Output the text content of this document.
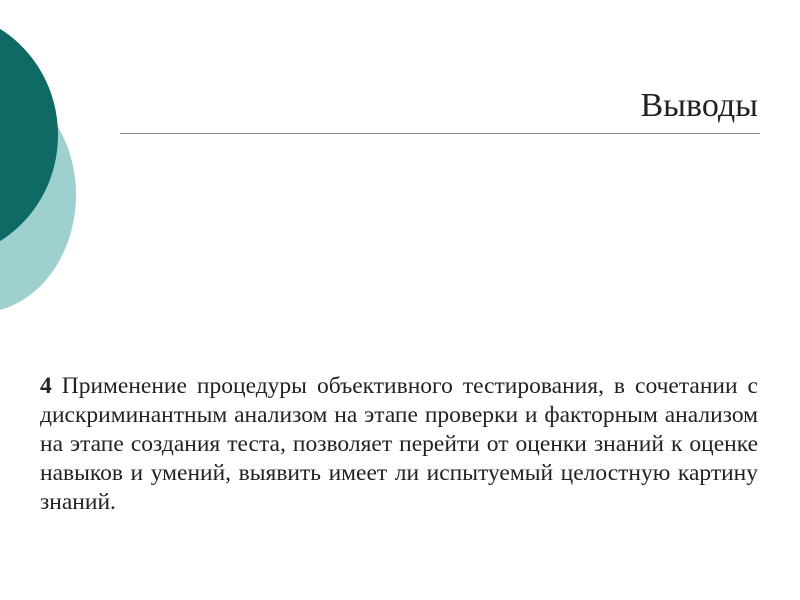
Выводы
4 Применение процедуры объективного тестирования, в сочетании с дискриминантным анализом на этапе проверки и факторным анализом на этапе создания теста, позволяет перейти от оценки знаний к оценке навыков и умений, выявить имеет ли испытуемый целостную картину знаний.
